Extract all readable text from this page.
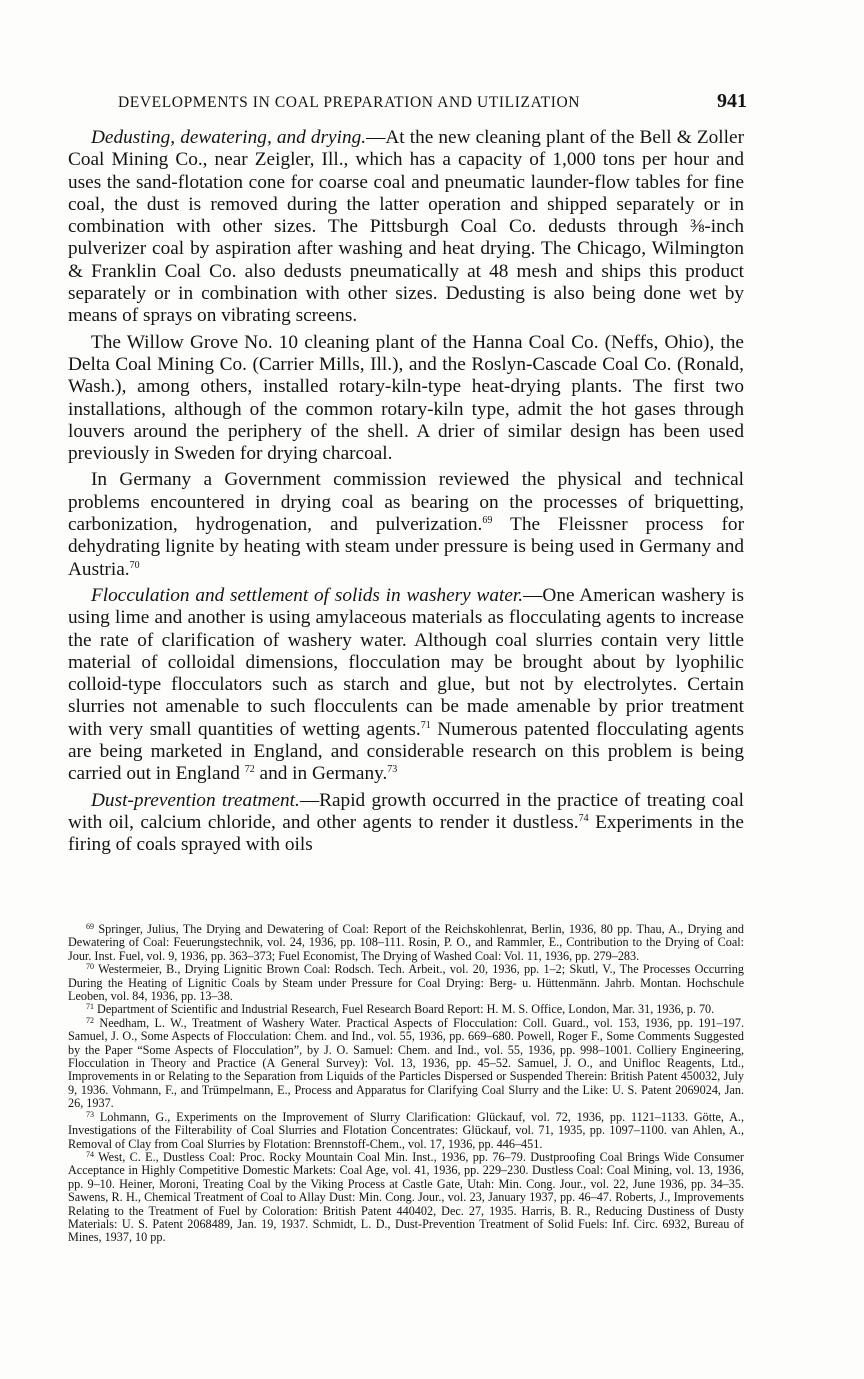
DEVELOPMENTS IN COAL PREPARATION AND UTILIZATION	941

Dedusting, dewatering, and drying.—At the new cleaning plant of the Bell & Zoller Coal Mining Co., near Zeigler, Ill., which has a capacity of 1,000 tons per hour and uses the sand-flotation cone for coarse coal and pneumatic launder-flow tables for fine coal, the dust is removed during the latter operation and shipped separately or in combination with other sizes. The Pittsburgh Coal Co. dedusts through ⅜-inch pulverizer coal by aspiration after washing and heat drying. The Chicago, Wilmington & Franklin Coal Co. also dedusts pneumatically at 48 mesh and ships this product separately or in combination with other sizes. Dedusting is also being done wet by means of sprays on vibrating screens.

The Willow Grove No. 10 cleaning plant of the Hanna Coal Co. (Neffs, Ohio), the Delta Coal Mining Co. (Carrier Mills, Ill.), and the Roslyn-Cascade Coal Co. (Ronald, Wash.), among others, installed rotary-kiln-type heat-drying plants. The first two installations, although of the common rotary-kiln type, admit the hot gases through louvers around the periphery of the shell. A drier of similar design has been used previously in Sweden for drying charcoal.

In Germany a Government commission reviewed the physical and technical problems encountered in drying coal as bearing on the processes of briquetting, carbonization, hydrogenation, and pulverization.$^{69}$ The Fleissner process for dehydrating lignite by heating with steam under pressure is being used in Germany and Austria.$^{70}$

Flocculation and settlement of solids in washery water.—One American washery is using lime and another is using amylaceous materials as flocculating agents to increase the rate of clarification of washery water. Although coal slurries contain very little material of colloidal dimensions, flocculation may be brought about by lyophilic colloid-type flocculators such as starch and glue, but not by electrolytes. Certain slurries not amenable to such flocculents can be made amenable by prior treatment with very small quantities of wetting agents.$^{71}$ Numerous patented flocculating agents are being marketed in England, and considerable research on this problem is being carried out in England $^{72}$ and in Germany.$^{73}$

Dust-prevention treatment.—Rapid growth occurred in the practice of treating coal with oil, calcium chloride, and other agents to render it dustless.$^{74}$ Experiments in the firing of coals sprayed with oils

$^{69}$ Springer, Julius, The Drying and Dewatering of Coal: Report of the Reichskohlenrat, Berlin, 1936, 80 pp. Thau, A., Drying and Dewatering of Coal: Feuerungstechnik, vol. 24, 1936, pp. 108–111. Rosin, P. O., and Rammler, E., Contribution to the Drying of Coal: Jour. Inst. Fuel, vol. 9, 1936, pp. 363–373; Fuel Economist, The Drying of Washed Coal: Vol. 11, 1936, pp. 279–283.

$^{70}$ Westermeier, B., Drying Lignitic Brown Coal: Rodsch. Tech. Arbeit., vol. 20, 1936, pp. 1–2; Skutl, V., The Processes Occurring During the Heating of Lignitic Coals by Steam under Pressure for Coal Drying: Berg- u. Hüttenmänn. Jahrb. Montan. Hochschule Leoben, vol. 84, 1936, pp. 13–38.

$^{71}$ Department of Scientific and Industrial Research, Fuel Research Board Report: H. M. S. Office, London, Mar. 31, 1936, p. 70.

$^{72}$ Needham, L. W., Treatment of Washery Water. Practical Aspects of Flocculation: Coll. Guard., vol. 153, 1936, pp. 191–197. Samuel, J. O., Some Aspects of Flocculation: Chem. and Ind., vol. 55, 1936, pp. 669–680. Powell, Roger F., Some Comments Suggested by the Paper “Some Aspects of Flocculation”, by J. O. Samuel: Chem. and Ind., vol. 55, 1936, pp. 998–1001. Colliery Engineering, Flocculation in Theory and Practice (A General Survey): Vol. 13, 1936, pp. 45–52. Samuel, J. O., and Unifloc Reagents, Ltd., Improvements in or Relating to the Separation from Liquids of the Particles Dispersed or Suspended Therein: British Patent 450032, July 9, 1936. Vohmann, F., and Trümpelmann, E., Process and Apparatus for Clarifying Coal Slurry and the Like: U. S. Patent 2069024, Jan. 26, 1937.

$^{73}$ Lohmann, G., Experiments on the Improvement of Slurry Clarification: Glückauf, vol. 72, 1936, pp. 1121–1133. Götte, A., Investigations of the Filterability of Coal Slurries and Flotation Concentrates: Glückauf, vol. 71, 1935, pp. 1097–1100. van Ahlen, A., Removal of Clay from Coal Slurries by Flotation: Brennstoff-Chem., vol. 17, 1936, pp. 446–451.

$^{74}$ West, C. E., Dustless Coal: Proc. Rocky Mountain Coal Min. Inst., 1936, pp. 76–79. Dustproofing Coal Brings Wide Consumer Acceptance in Highly Competitive Domestic Markets: Coal Age, vol. 41, 1936, pp. 229–230. Dustless Coal: Coal Mining, vol. 13, 1936, pp. 9–10. Heiner, Moroni, Treating Coal by the Viking Process at Castle Gate, Utah: Min. Cong. Jour., vol. 22, June 1936, pp. 34–35. Sawens, R. H., Chemical Treatment of Coal to Allay Dust: Min. Cong. Jour., vol. 23, January 1937, pp. 46–47. Roberts, J., Improvements Relating to the Treatment of Fuel by Coloration: British Patent 440402, Dec. 27, 1935. Harris, B. R., Reducing Dustiness of Dusty Materials: U. S. Patent 2068489, Jan. 19, 1937. Schmidt, L. D., Dust-Prevention Treatment of Solid Fuels: Inf. Circ. 6932, Bureau of Mines, 1937, 10 pp.
